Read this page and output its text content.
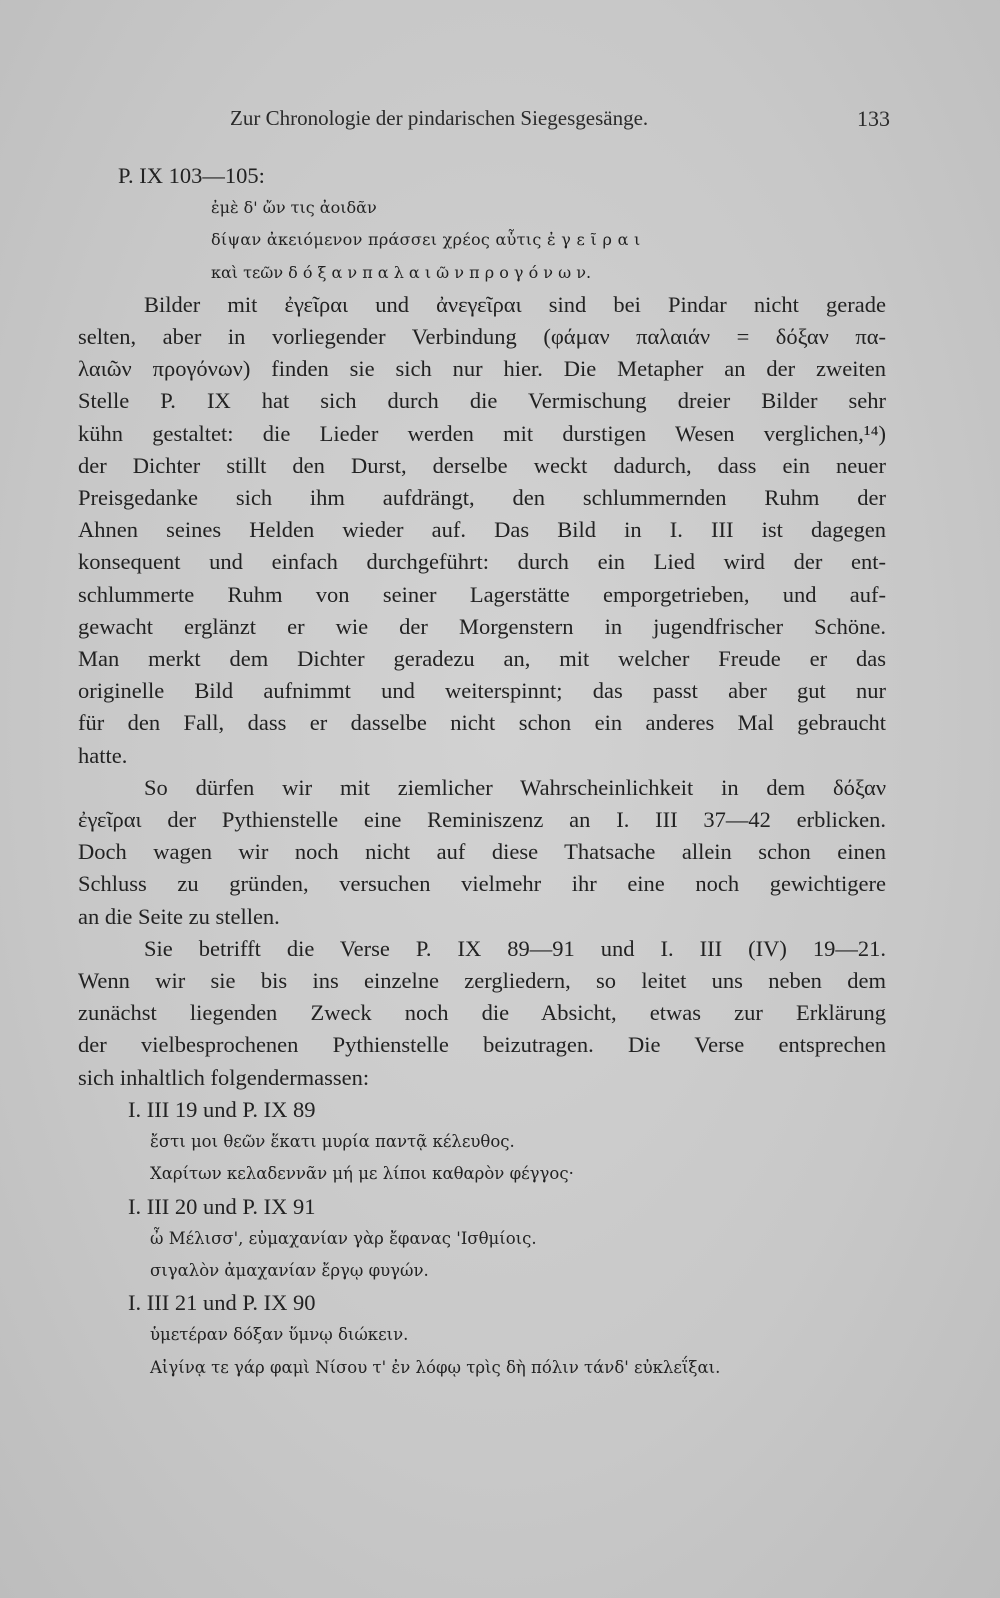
Zur Chronologie der pindarischen Siegesgesänge.	133
P. IX 103—105:
ἐμὲ δ' ὤν τις ἀοιδᾶν
δίψαν ἀκειόμενον πράσσει χρέος αὖτις ἐ γ ε ῖ ρ α ι
καὶ τεῶν δ ό ξ α ν π α λ α ι ῶ ν π ρ ο γ ό ν ω ν.
Bilder mit ἐγεῖραι und ἀνεγεῖραι sind bei Pindar nicht gerade
selten, aber in vorliegender Verbindung (φάμαν παλαιάν = δόξαν πα-
λαιῶν προγόνων) finden sie sich nur hier. Die Metapher an der zweiten
Stelle P. IX hat sich durch die Vermischung dreier Bilder sehr
kühn gestaltet: die Lieder werden mit durstigen Wesen verglichen,¹⁴)
der Dichter stillt den Durst, derselbe weckt dadurch, dass ein neuer
Preisgedanke sich ihm aufdrängt, den schlummernden Ruhm der
Ahnen seines Helden wieder auf. Das Bild in I. III ist dagegen
konsequent und einfach durchgeführt: durch ein Lied wird der ent-
schlummerte Ruhm von seiner Lagerstätte emporgetrieben, und auf-
gewacht erglänzt er wie der Morgenstern in jugendfrischer Schöne.
Man merkt dem Dichter geradezu an, mit welcher Freude er das
originelle Bild aufnimmt und weiterspinnt; das passt aber gut nur
für den Fall, dass er dasselbe nicht schon ein anderes Mal gebraucht
hatte.
So dürfen wir mit ziemlicher Wahrscheinlichkeit in dem δόξαν
ἐγεῖραι der Pythienstelle eine Reminiszenz an I. III 37—42 erblicken.
Doch wagen wir noch nicht auf diese Thatsache allein schon einen
Schluss zu gründen, versuchen vielmehr ihr eine noch gewichtigere
an die Seite zu stellen.
Sie betrifft die Verse P. IX 89—91 und I. III (IV) 19—21.
Wenn wir sie bis ins einzelne zergliedern, so leitet uns neben dem
zunächst liegenden Zweck noch die Absicht, etwas zur Erklärung
der vielbesprochenen Pythienstelle beizutragen. Die Verse entsprechen
sich inhaltlich folgendermassen:
I. III 19 und P. IX 89
ἔστι μοι θεῶν ἕκατι μυρία παντᾷ κέλευθος.
Χαρίτων κελαδεννᾶν μή με λίποι καθαρὸν φέγγος·
I. III 20 und P. IX 91
ὦ Μέλισσ', εὐμαχανίαν γὰρ ἔφανας 'Ισθμίοις.
σιγαλὸν ἀμαχανίαν ἔργῳ φυγών.
I. III 21 und P. IX 90
ὑμετέραν δόξαν ὕμνῳ διώκειν.
Αἰγίνᾳ τε γάρ φαμὶ Νίσου τ' ἐν λόφῳ τρὶς δὴ πόλιν τάνδ' εὐκλεΐξαι.
